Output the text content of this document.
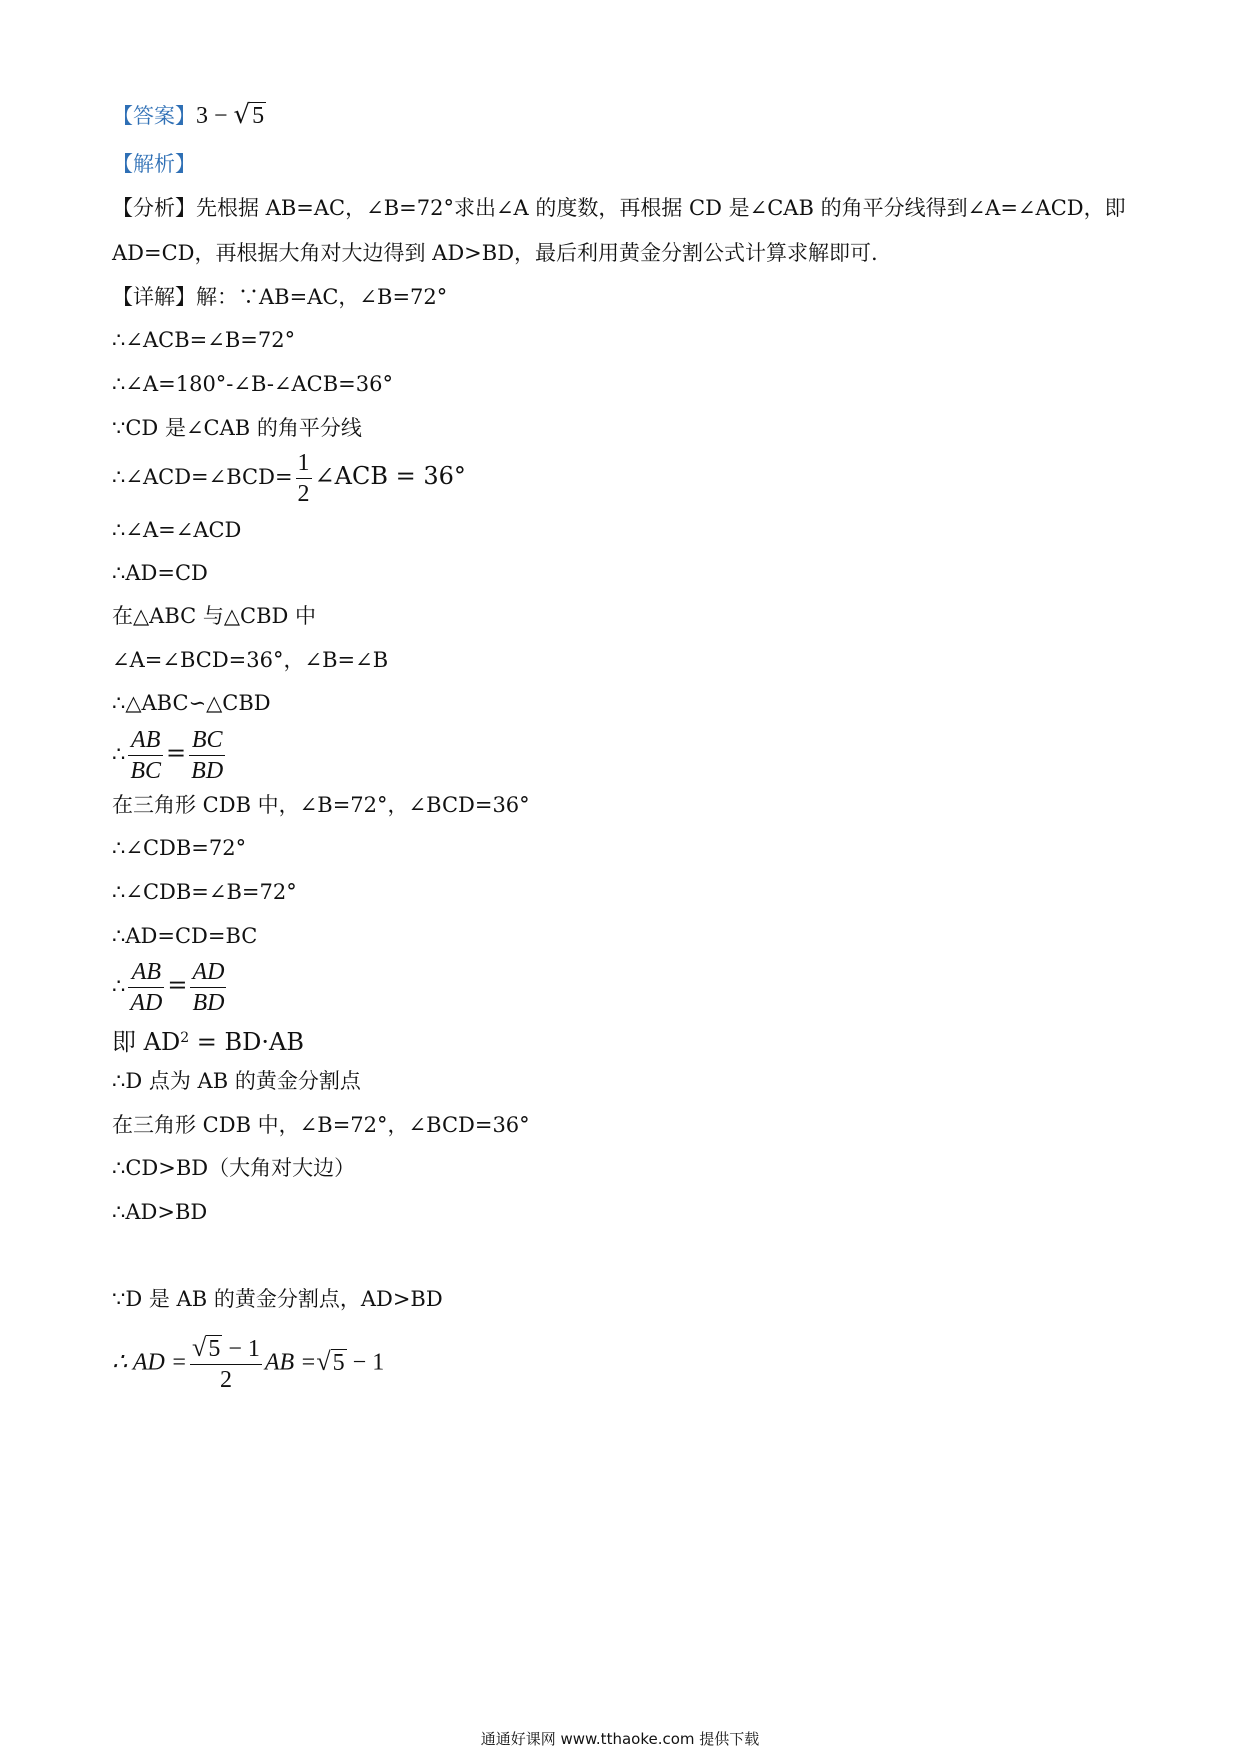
【答案】3 − √5
【解析】
【分析】先根据 AB=AC，∠B=72°求出∠A 的度数，再根据 CD 是∠CAB 的角平分线得到∠A=∠ACD，即
AD=CD，再根据大角对大边得到 AD>BD，最后利用黄金分割公式计算求解即可.
【详解】解：∵AB=AC，∠B=72°
∴∠ACB=∠B=72°
∴∠A=180°-∠B-∠ACB=36°
∵CD 是∠CAB 的角平分线
∴∠ACD=∠BCD= $\frac{1}{2}$ ∠ACB = 36°
∴∠A=∠ACD
∴AD=CD
在△ABC 与△CBD 中
∠A=∠BCD=36°，∠B=∠B
∴△ABC∽△CBD
∴ $\frac{AB}{BC} = \frac{BC}{BD}$
在三角形 CDB 中，∠B=72°，∠BCD=36°
∴∠CDB=72°
∴∠CDB=∠B=72°
∴AD=CD=BC
∴ $\frac{AB}{AD} = \frac{AD}{BD}$
即 $AD^2 = BD\cdot AB$
∴D 点为 AB 的黄金分割点
在三角形 CDB 中，∠B=72°，∠BCD=36°
∴CD>BD（大角对大边）
∴AD>BD
∵D 是 AB 的黄金分割点，AD>BD
∴ AD = $\frac{√5 - 1}{2}$ AB =√5 − 1
通通好课网 www.tthaoke.com 提供下载
